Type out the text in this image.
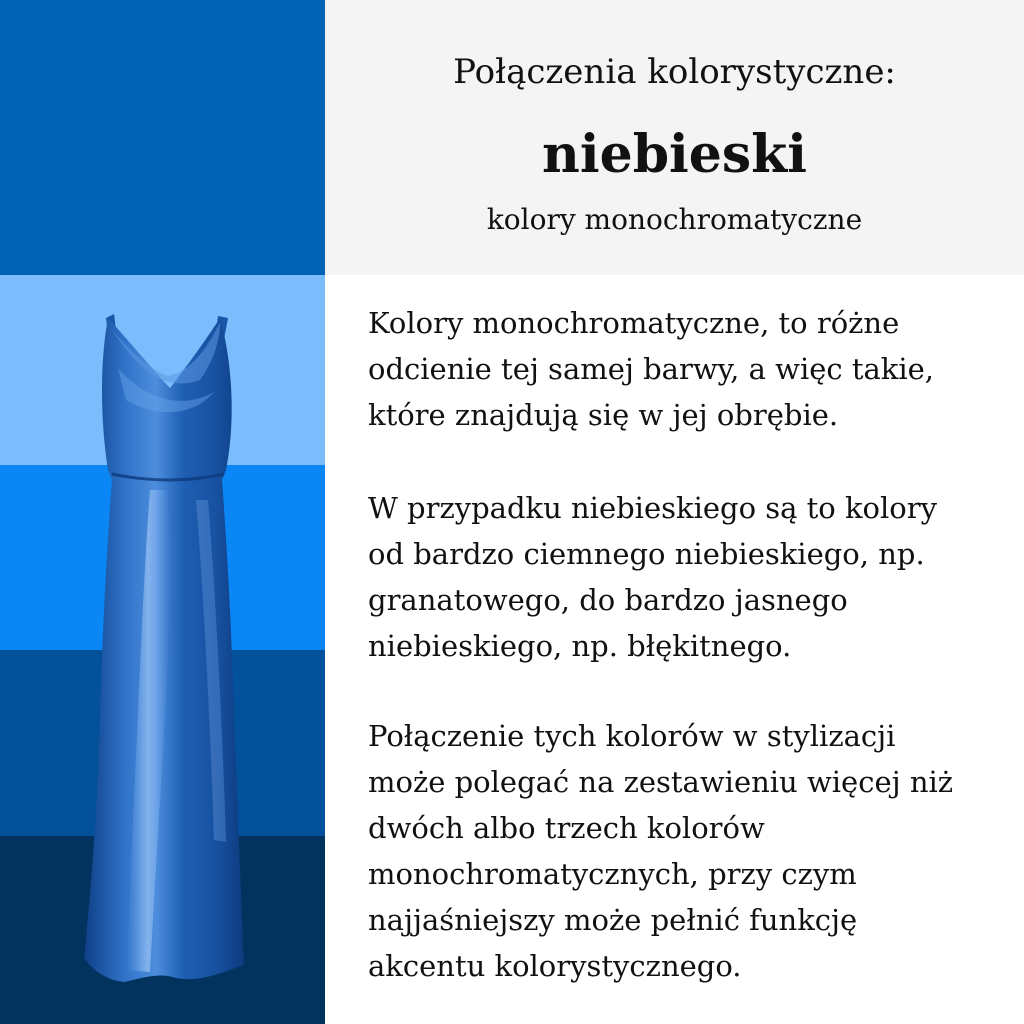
Połączenia kolorystyczne:
niebieski
kolory monochromatyczne

Kolory monochromatyczne, to różne
odcienie tej samej barwy, a więc takie,
które znajdują się w jej obrębie.

W przypadku niebieskiego są to kolory
od bardzo ciemnego niebieskiego, np.
granatowego, do bardzo jasnego
niebieskiego, np. błękitnego.

Połączenie tych kolorów w stylizacji
może polegać na zestawieniu więcej niż
dwóch albo trzech kolorów
monochromatycznych, przy czym
najjaśniejszy może pełnić funkcję
akcentu kolorystycznego.
